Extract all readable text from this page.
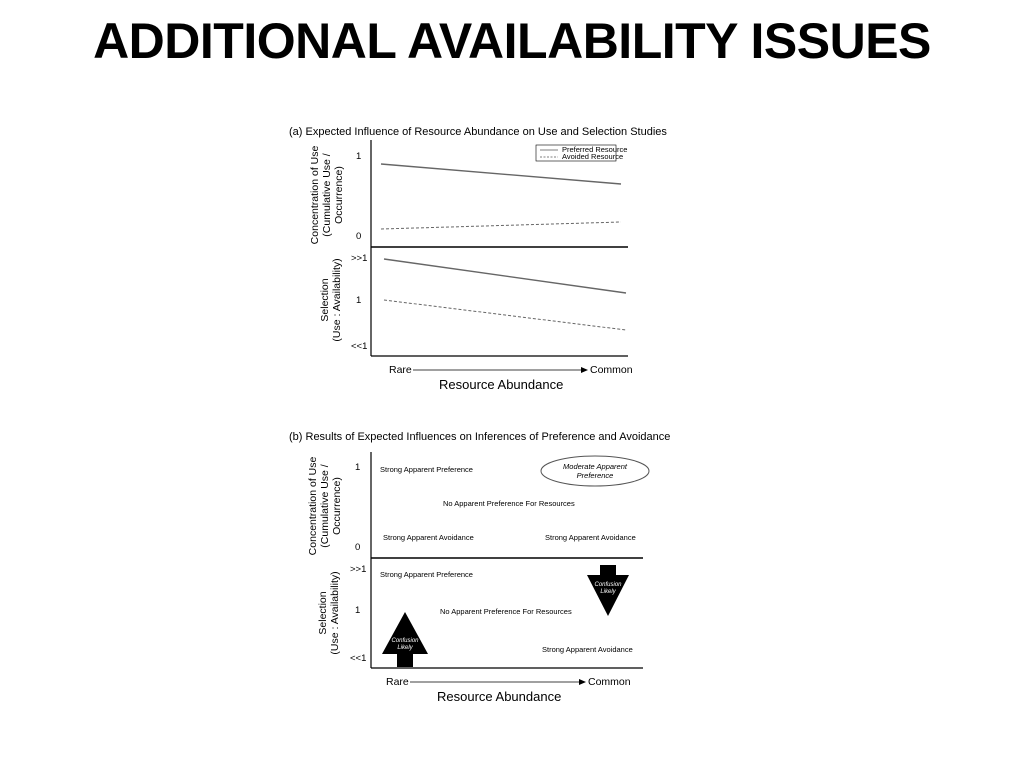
ADDITIONAL AVAILABILITY ISSUES
(a) Expected Influence of Resource Abundance on Use and Selection Studies
Concentration of Use (Cumulative Use / Occurrence)
1
0
Preferred Resource
Avoided Resource
Selection (Use : Availability) >>1
1
<<1
Rare	Common
Resource Abundance
(b) Results of Expected Influences on Inferences of Preference and Avoidance
Concentration of Use (Cumulative Use / Occurrence)
1
0
Strong Apparent Preference	Moderate Apparent
Preference
No Apparent Preference For Resources
Strong Apparent Avoidance	Strong Apparent Avoidance
Selection (Use : Availability)
>>1
1
<<1
Strong Apparent Preference
No Apparent Preference For Resources
Strong Apparent Avoidance
Confusion
Likely
Confusion
Likely
Rare	Common
Resource Abundance
